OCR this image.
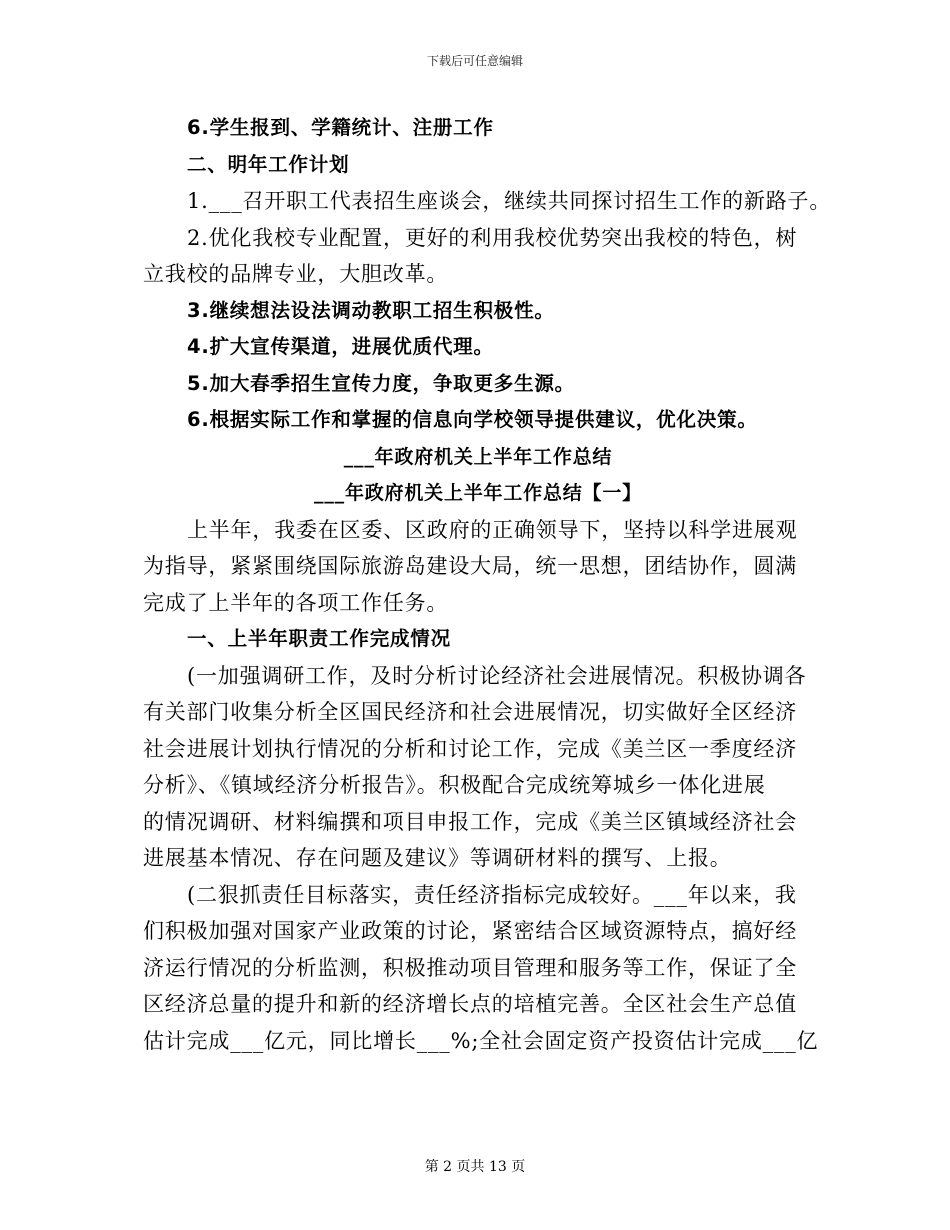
下载后可任意编辑
6.学生报到、学籍统计、注册工作
二、明年工作计划
1.___召开职工代表招生座谈会，继续共同探讨招生工作的新路子。
2.优化我校专业配置，更好的利用我校优势突出我校的特色，树
立我校的品牌专业，大胆改革。
3.继续想法设法调动教职工招生积极性。
4.扩大宣传渠道，进展优质代理。
5.加大春季招生宣传力度，争取更多生源。
6.根据实际工作和掌握的信息向学校领导提供建议，优化决策。
___年政府机关上半年工作总结
___年政府机关上半年工作总结【一】
上半年，我委在区委、区政府的正确领导下，坚持以科学进展观
为指导，紧紧围绕国际旅游岛建设大局，统一思想，团结协作，圆满
完成了上半年的各项工作任务。
一、上半年职责工作完成情况
(一加强调研工作，及时分析讨论经济社会进展情况。积极协调各
有关部门收集分析全区国民经济和社会进展情况，切实做好全区经济
社会进展计划执行情况的分析和讨论工作，完成《美兰区一季度经济
分析》、《镇域经济分析报告》。积极配合完成统筹城乡一体化进展
的情况调研、材料编撰和项目申报工作，完成《美兰区镇域经济社会
进展基本情况、存在问题及建议》等调研材料的撰写、上报。
(二狠抓责任目标落实，责任经济指标完成较好。___年以来，我
们积极加强对国家产业政策的讨论，紧密结合区域资源特点，搞好经
济运行情况的分析监测，积极推动项目管理和服务等工作，保证了全
区经济总量的提升和新的经济增长点的培植完善。全区社会生产总值
估计完成___亿元，同比增长___%;全社会固定资产投资估计完成___亿
第 2 页共 13 页
